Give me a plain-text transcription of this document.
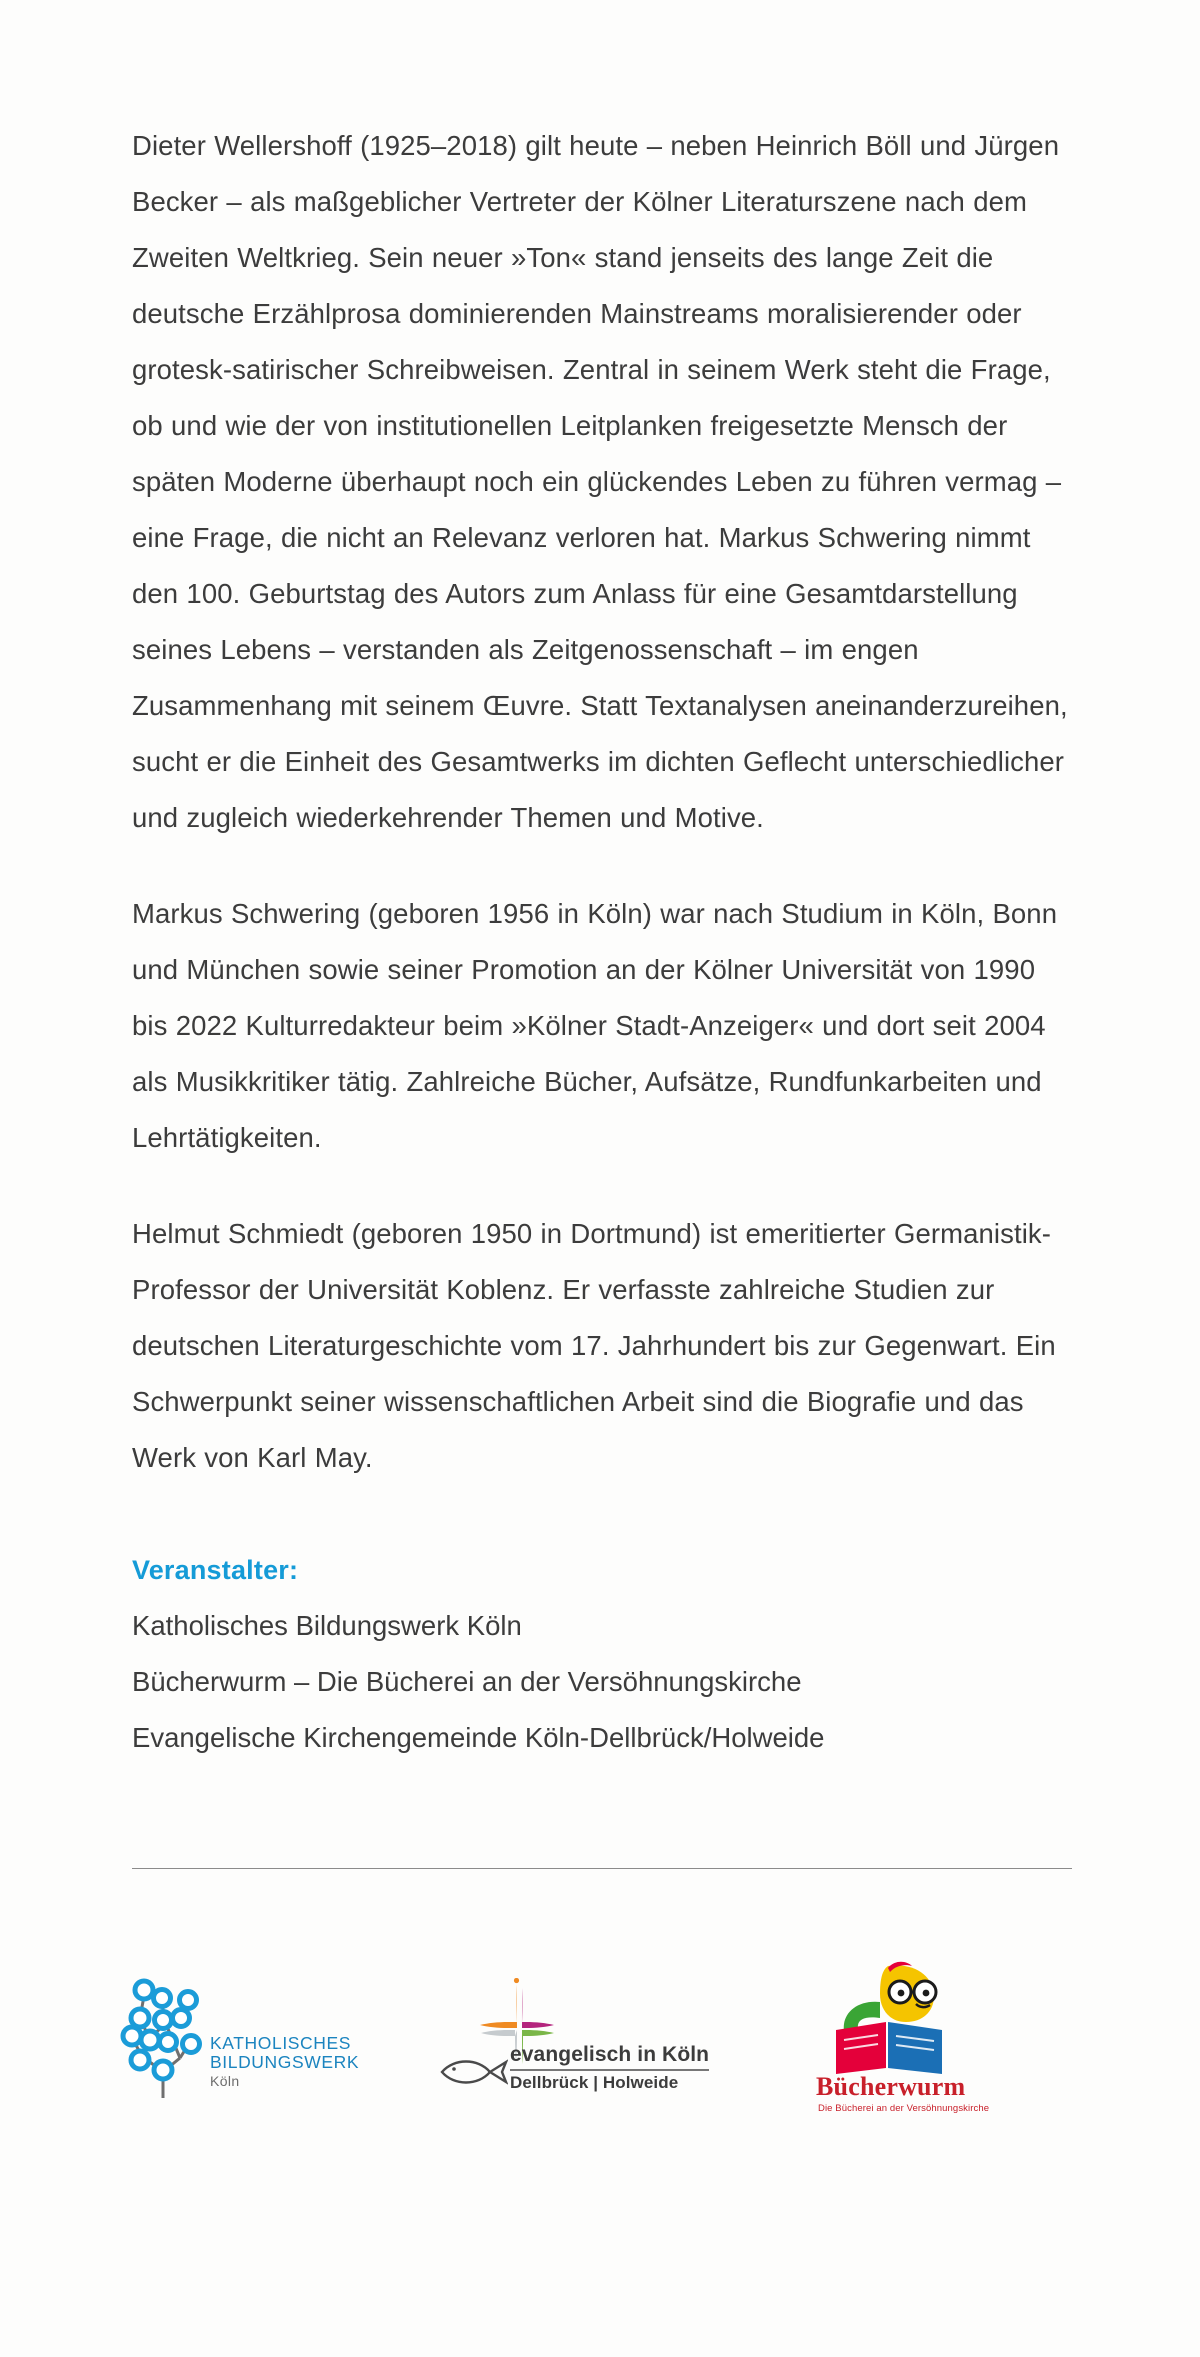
Dieter Wellershoff (1925–2018) gilt heute – neben Heinrich Böll und Jürgen Becker – als maßgeblicher Vertreter der Kölner Literaturszene nach dem Zweiten Weltkrieg. Sein neuer »Ton« stand jenseits des lange Zeit die deutsche Erzählprosa dominierenden Mainstreams moralisierender oder grotesk-satirischer Schreibweisen. Zentral in seinem Werk steht die Frage, ob und wie der von institutionellen Leitplanken freigesetzte Mensch der späten Moderne überhaupt noch ein glückendes Leben zu führen vermag – eine Frage, die nicht an Relevanz verloren hat. Markus Schwering nimmt den 100. Geburtstag des Autors zum Anlass für eine Gesamtdarstellung seines Lebens – verstanden als Zeitgenossenschaft – im engen Zusammenhang mit seinem Œuvre. Statt Textanalysen aneinanderzureihen, sucht er die Einheit des Gesamtwerks im dichten Geflecht unterschiedlicher und zugleich wiederkehrender Themen und Motive.

Markus Schwering (geboren 1956 in Köln) war nach Studium in Köln, Bonn und München sowie seiner Promotion an der Kölner Universität von 1990 bis 2022 Kulturredakteur beim »Kölner Stadt-Anzeiger« und dort seit 2004 als Musikkritiker tätig. Zahlreiche Bücher, Aufsätze, Rundfunkarbeiten und Lehrtätigkeiten.

Helmut Schmiedt (geboren 1950 in Dortmund) ist emeritierter Germanistik-Professor der Universität Koblenz. Er verfasste zahlreiche Studien zur deutschen Literaturgeschichte vom 17. Jahrhundert bis zur Gegenwart. Ein Schwerpunkt seiner wissenschaftlichen Arbeit sind die Biografie und das Werk von Karl May.

Veranstalter:
Katholisches Bildungswerk Köln
Bücherwurm – Die Bücherei an der Versöhnungskirche
Evangelische Kirchengemeinde Köln-Dellbrück/Holweide
KATHOLISCHES
BILDUNGSWERK
Köln
evangelisch in Köln
Dellbrück | Holweide	Bücherwurm
Die Bücherei an der Versöhnungskirche
